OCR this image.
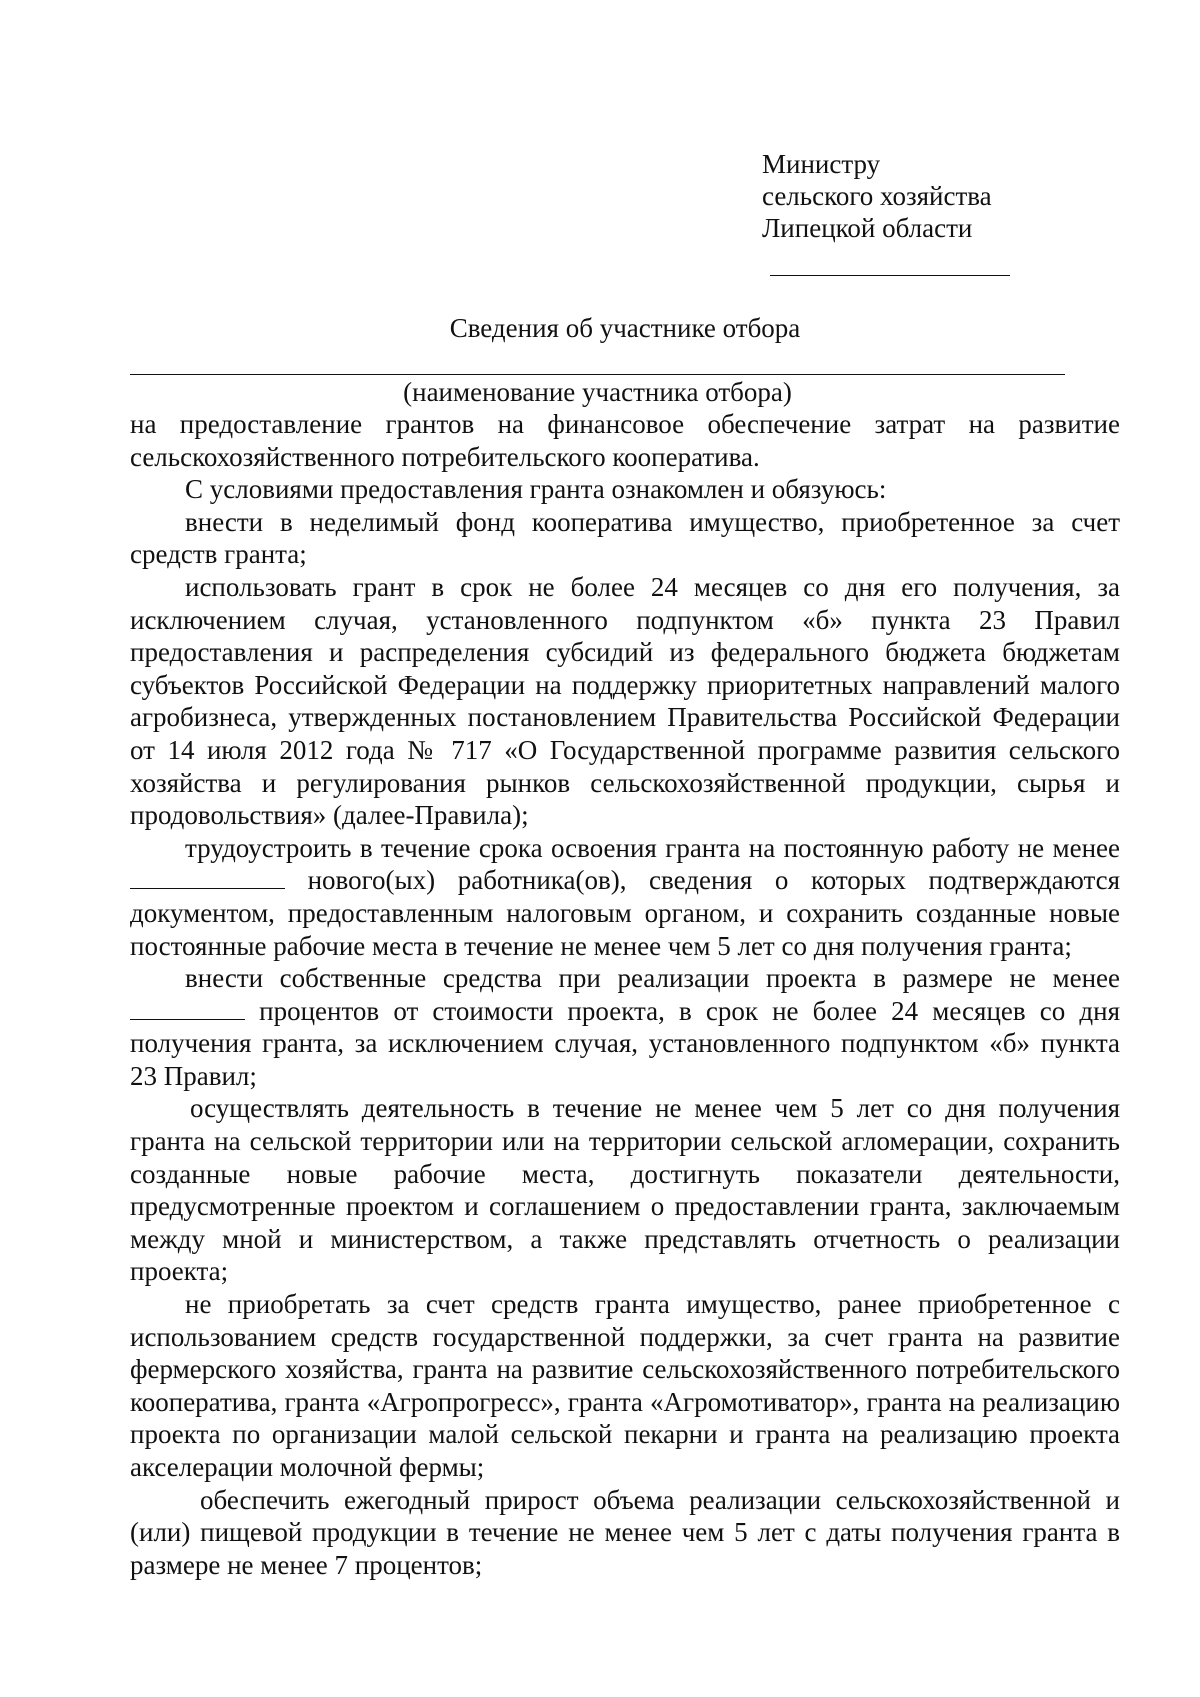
Министру
сельского хозяйства
Липецкой области
Сведения об участнике отбора
(наименование участника отбора)

на предоставление грантов на финансовое обеспечение затрат на развитие сельскохозяйственного потребительского кооператива.

С условиями предоставления гранта ознакомлен и обязуюсь:

внести в неделимый фонд кооператива имущество, приобретенное за счет средств гранта;

использовать грант в срок не более 24 месяцев со дня его получения, за исключением случая, установленного подпунктом «б» пункта 23 Правил предоставления и распределения субсидий из федерального бюджета бюджетам субъектов Российской Федерации на поддержку приоритетных направлений малого агробизнеса, утвержденных постановлением Правительства Российской Федерации от 14 июля 2012 года № 717 «О Государственной программе развития сельского хозяйства и регулирования рынков сельскохозяйственной продукции, сырья и продовольствия» (далее-Правила);

трудоустроить в течение срока освоения гранта на постоянную работу не менее  нового(ых) работника(ов), сведения о которых подтверждаются документом, предоставленным налоговым органом, и сохранить созданные новые постоянные рабочие места в течение не менее чем 5 лет со дня получения гранта;

внести собственные средства при реализации проекта в размере не менее  процентов от стоимости проекта, в срок не более 24 месяцев со дня получения гранта, за исключением случая, установленного подпунктом «б» пункта 23 Правил;

осуществлять деятельность в течение не менее чем 5 лет со дня получения гранта на сельской территории или на территории сельской агломерации, сохранить созданные новые рабочие места, достигнуть показатели деятельности, предусмотренные проектом и соглашением о предоставлении гранта, заключаемым между мной и министерством, а также представлять отчетность о реализации проекта;

не приобретать за счет средств гранта имущество, ранее приобретенное с использованием средств государственной поддержки, за счет гранта на развитие фермерского хозяйства, гранта на развитие сельскохозяйственного потребительского кооператива, гранта «Агропрогресс», гранта «Агромотиватор», гранта на реализацию проекта по организации малой сельской пекарни и гранта на реализацию проекта акселерации молочной фермы;

обеспечить ежегодный прирост объема реализации сельскохозяйственной и (или) пищевой продукции в течение не менее чем 5 лет с даты получения гранта в размере не менее 7 процентов;
